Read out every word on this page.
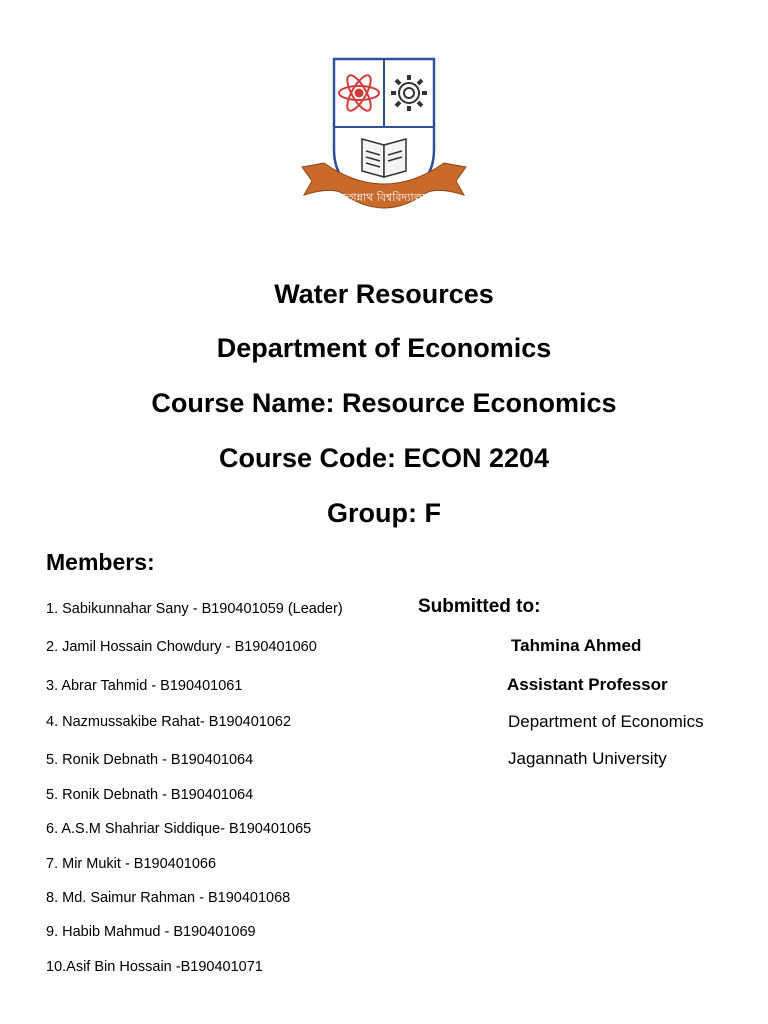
জগন্নাথ বিশ্ববিদ্যালয়
Water Resources
Department of Economics
Course Name: Resource Economics
Course Code: ECON 2204
Group: F
Members:
1. Sabikunnahar Sany - B190401059 (Leader)
2. Jamil Hossain Chowdury - B190401060
3. Abrar Tahmid - B190401061
4. Nazmussakibe Rahat- B190401062
5. Ronik Debnath - B190401064
5. Ronik Debnath - B190401064
6. A.S.M Shahriar Siddique- B190401065
7. Mir Mukit - B190401066
8. Md. Saimur Rahman - B190401068
9. Habib Mahmud - B190401069
10.Asif Bin Hossain -B190401071
Submitted to:
Tahmina Ahmed
Assistant Professor
Department of Economics
Jagannath University
